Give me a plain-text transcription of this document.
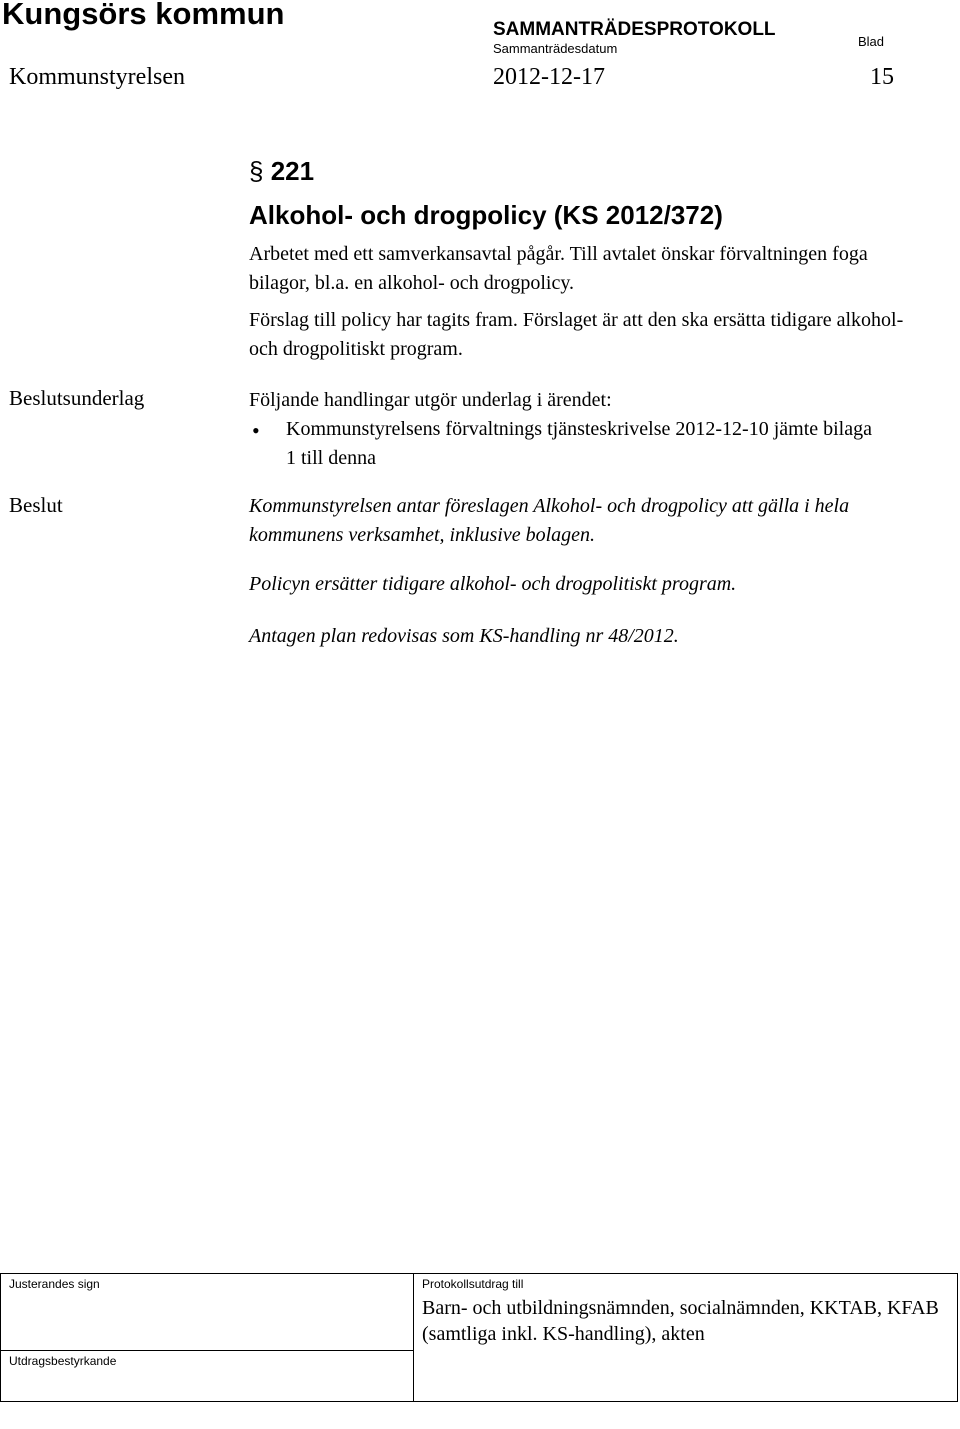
Kungsörs kommun	SAMMANTRÄDESPROTOKOLL
Sammanträdesdatum	Blad
Kommunstyrelsen	2012-12-17	15
§ 221
Alkohol- och drogpolicy (KS 2012/372)
Arbetet med ett samverkansavtal pågår. Till avtalet önskar förvaltningen foga bilagor, bl.a. en alkohol- och drogpolicy.
Förslag till policy har tagits fram. Förslaget är att den ska ersätta tidigare alkohol- och drogpolitiskt program.
Beslutsunderlag	Följande handlingar utgör underlag i ärendet:
• Kommunstyrelsens förvaltnings tjänsteskrivelse 2012-12-10 jämte bilaga 1 till denna
Beslut	Kommunstyrelsen antar föreslagen Alkohol- och drogpolicy att gälla i hela kommunens verksamhet, inklusive bolagen.
Policyn ersätter tidigare alkohol- och drogpolitiskt program.
Antagen plan redovisas som KS-handling nr 48/2012.
Justerandes sign	Protokollsutdrag till
Barn- och utbildningsnämnden, socialnämnden, KKTAB, KFAB (samtliga inkl. KS-handling), akten

Utdragsbestyrkande
